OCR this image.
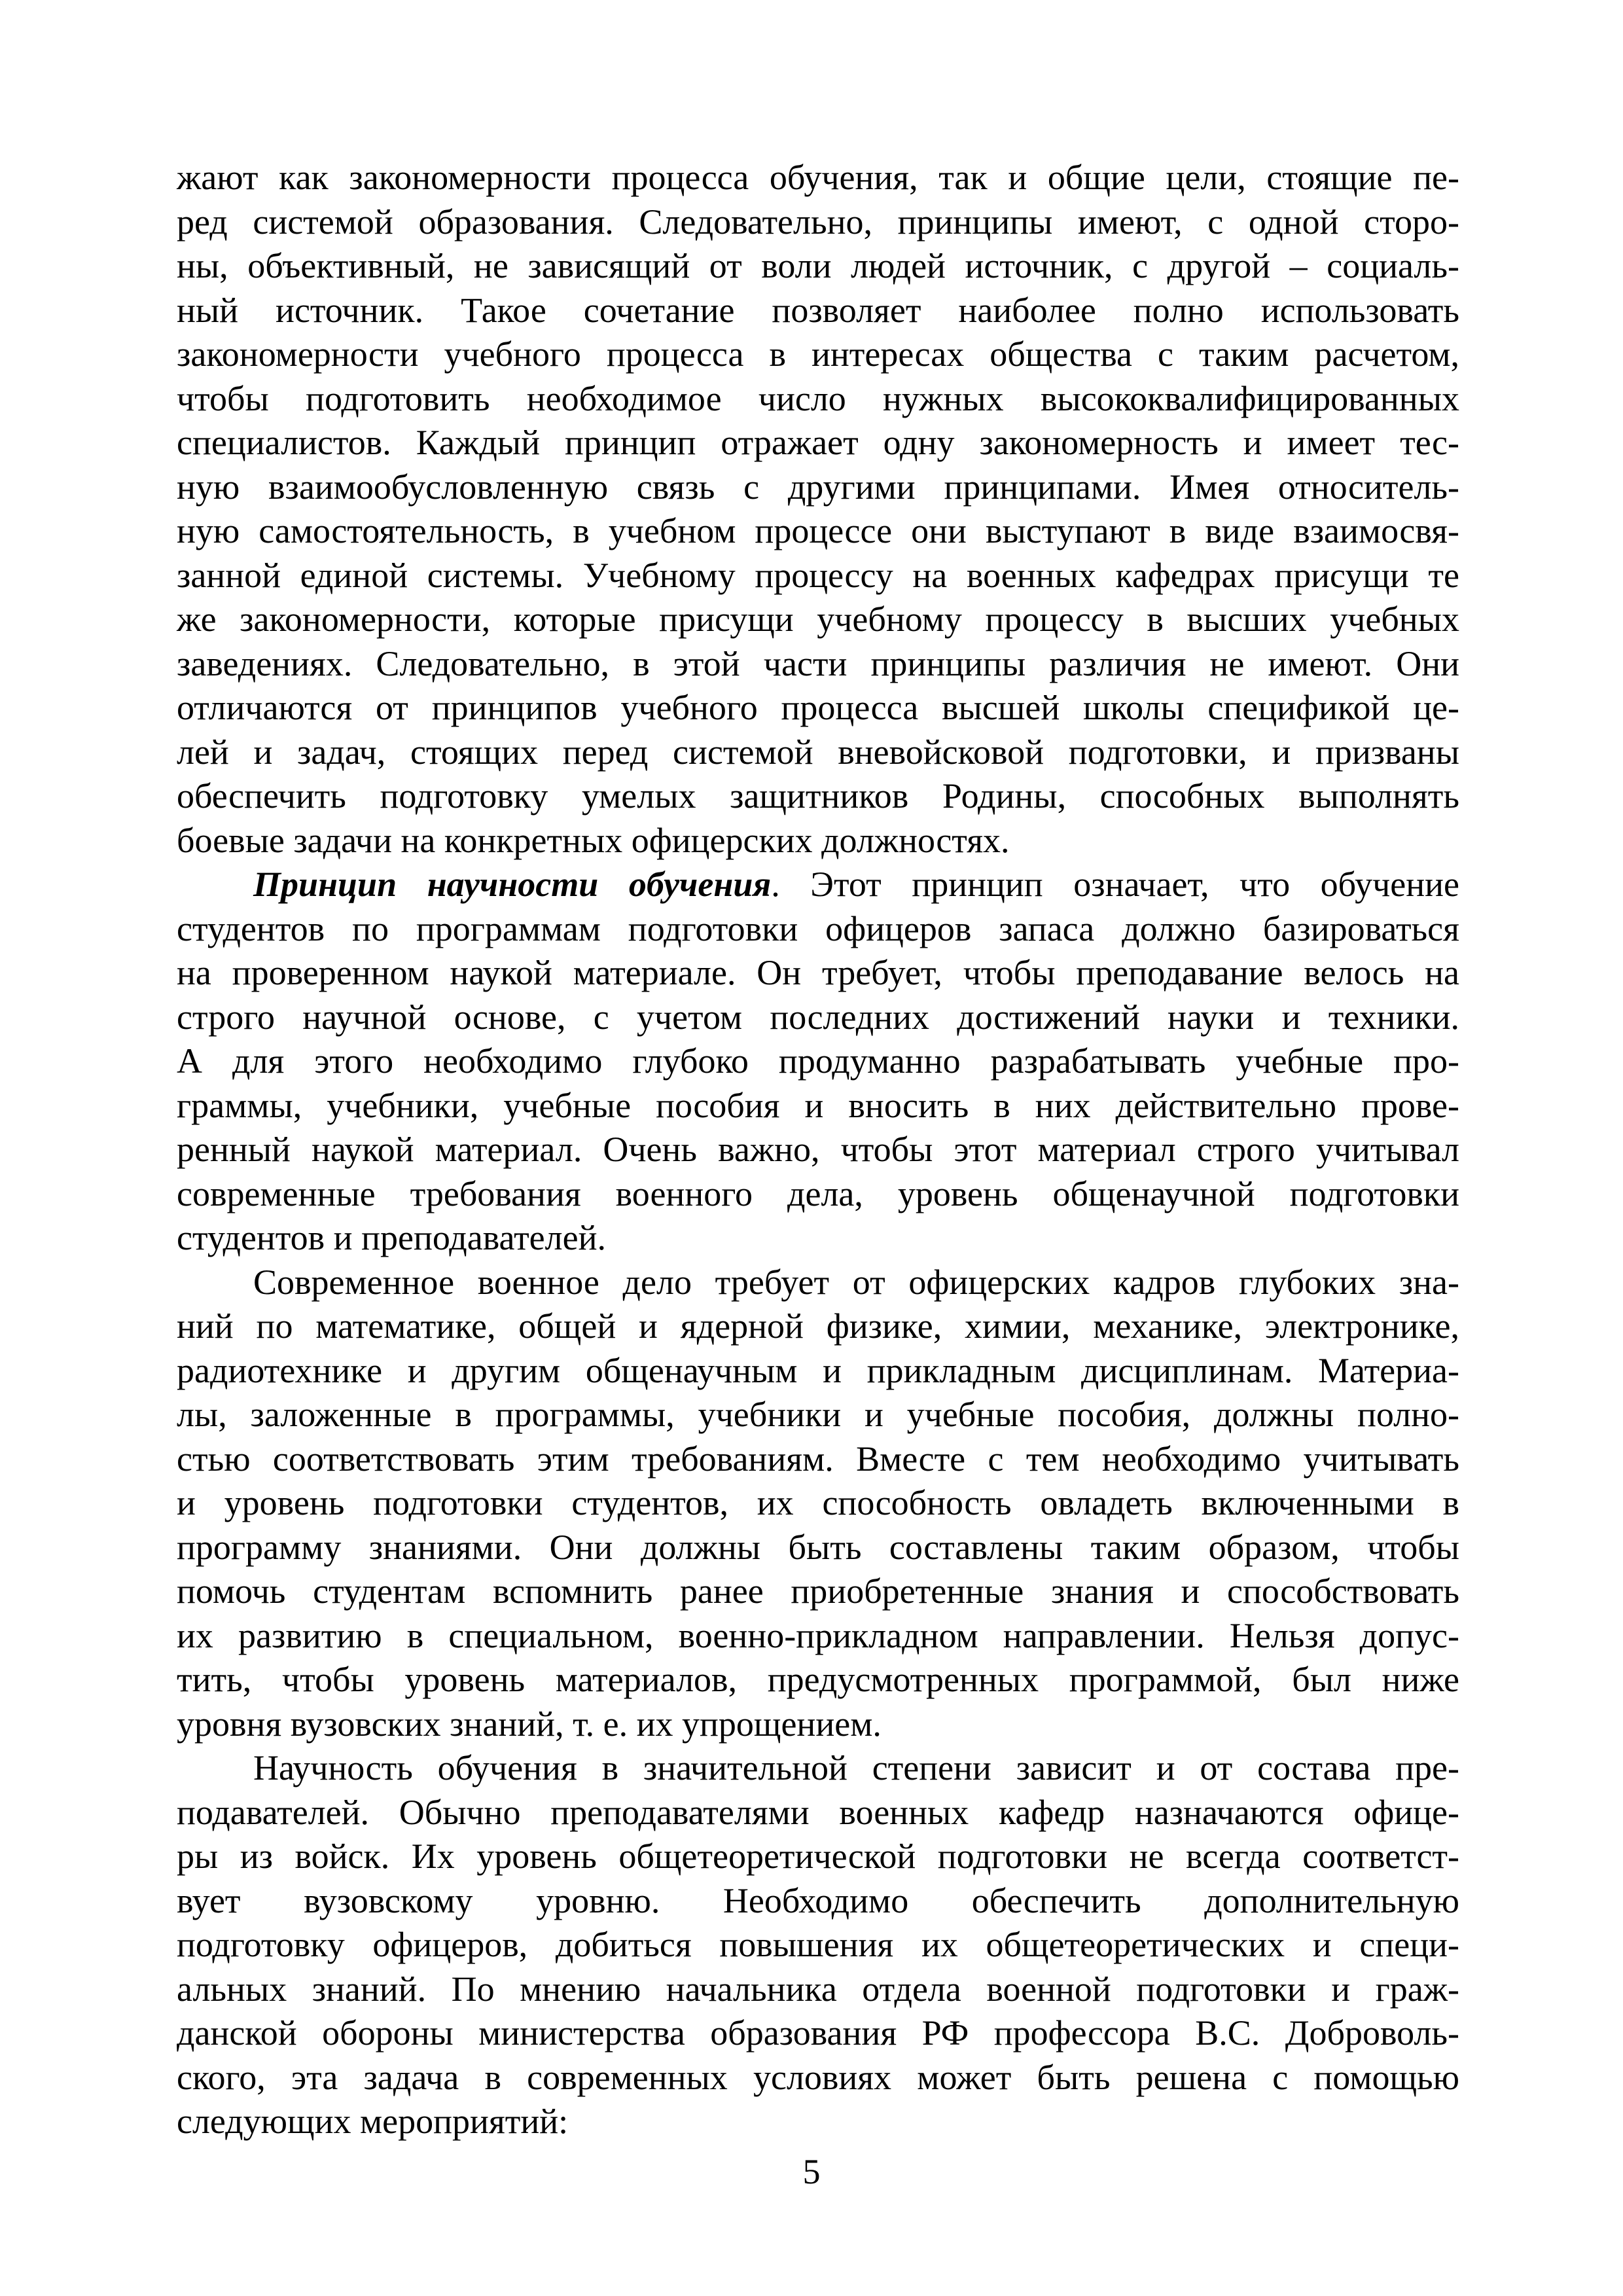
жают как закономерности процесса обучения, так и общие цели, стоящие пе-
ред системой образования. Следовательно, принципы имеют, с одной сторо-
ны, объективный, не зависящий от воли людей источник, с другой – социаль-
ный источник. Такое сочетание позволяет наиболее полно использовать
закономерности учебного процесса в интересах общества с таким расчетом,
чтобы подготовить необходимое число нужных высококвалифицированных
специалистов. Каждый принцип отражает одну закономерность и имеет тес-
ную взаимообусловленную связь с другими принципами. Имея относитель-
ную самостоятельность, в учебном процессе они выступают в виде взаимосвя-
занной единой системы. Учебному процессу на военных кафедрах присущи те
же закономерности, которые присущи учебному процессу в высших учебных
заведениях. Следовательно, в этой части принципы различия не имеют. Они
отличаются от принципов учебного процесса высшей школы спецификой це-
лей и задач, стоящих перед системой вневойсковой подготовки, и призваны
обеспечить подготовку умелых защитников Родины, способных выполнять
боевые задачи на конкретных офицерских должностях.
Принцип научности обучения. Этот принцип означает, что обучение
студентов по программам подготовки офицеров запаса должно базироваться
на проверенном наукой материале. Он требует, чтобы преподавание велось на
строго научной основе, с учетом последних достижений науки и техники.
А для этого необходимо глубоко продуманно разрабатывать учебные про-
граммы, учебники, учебные пособия и вносить в них действительно прове-
ренный наукой материал. Очень важно, чтобы этот материал строго учитывал
современные требования военного дела, уровень общенаучной подготовки
студентов и преподавателей.
Современное военное дело требует от офицерских кадров глубоких зна-
ний по математике, общей и ядерной физике, химии, механике, электронике,
радиотехнике и другим общенаучным и прикладным дисциплинам. Материа-
лы, заложенные в программы, учебники и учебные пособия, должны полно-
стью соответствовать этим требованиям. Вместе с тем необходимо учитывать
и уровень подготовки студентов, их способность овладеть включенными в
программу знаниями. Они должны быть составлены таким образом, чтобы
помочь студентам вспомнить ранее приобретенные знания и способствовать
их развитию в специальном, военно-прикладном направлении. Нельзя допус-
тить, чтобы уровень материалов, предусмотренных программой, был ниже
уровня вузовских знаний, т. е. их упрощением.
Научность обучения в значительной степени зависит и от состава пре-
подавателей. Обычно преподавателями военных кафедр назначаются офице-
ры из войск. Их уровень общетеоретической подготовки не всегда соответст-
вует вузовскому уровню. Необходимо обеспечить дополнительную
подготовку офицеров, добиться повышения их общетеоретических и специ-
альных знаний. По мнению начальника отдела военной подготовки и граж-
данской обороны министерства образования РФ профессора В.С. Доброволь-
ского, эта задача в современных условиях может быть решена с помощью
следующих мероприятий:
5
